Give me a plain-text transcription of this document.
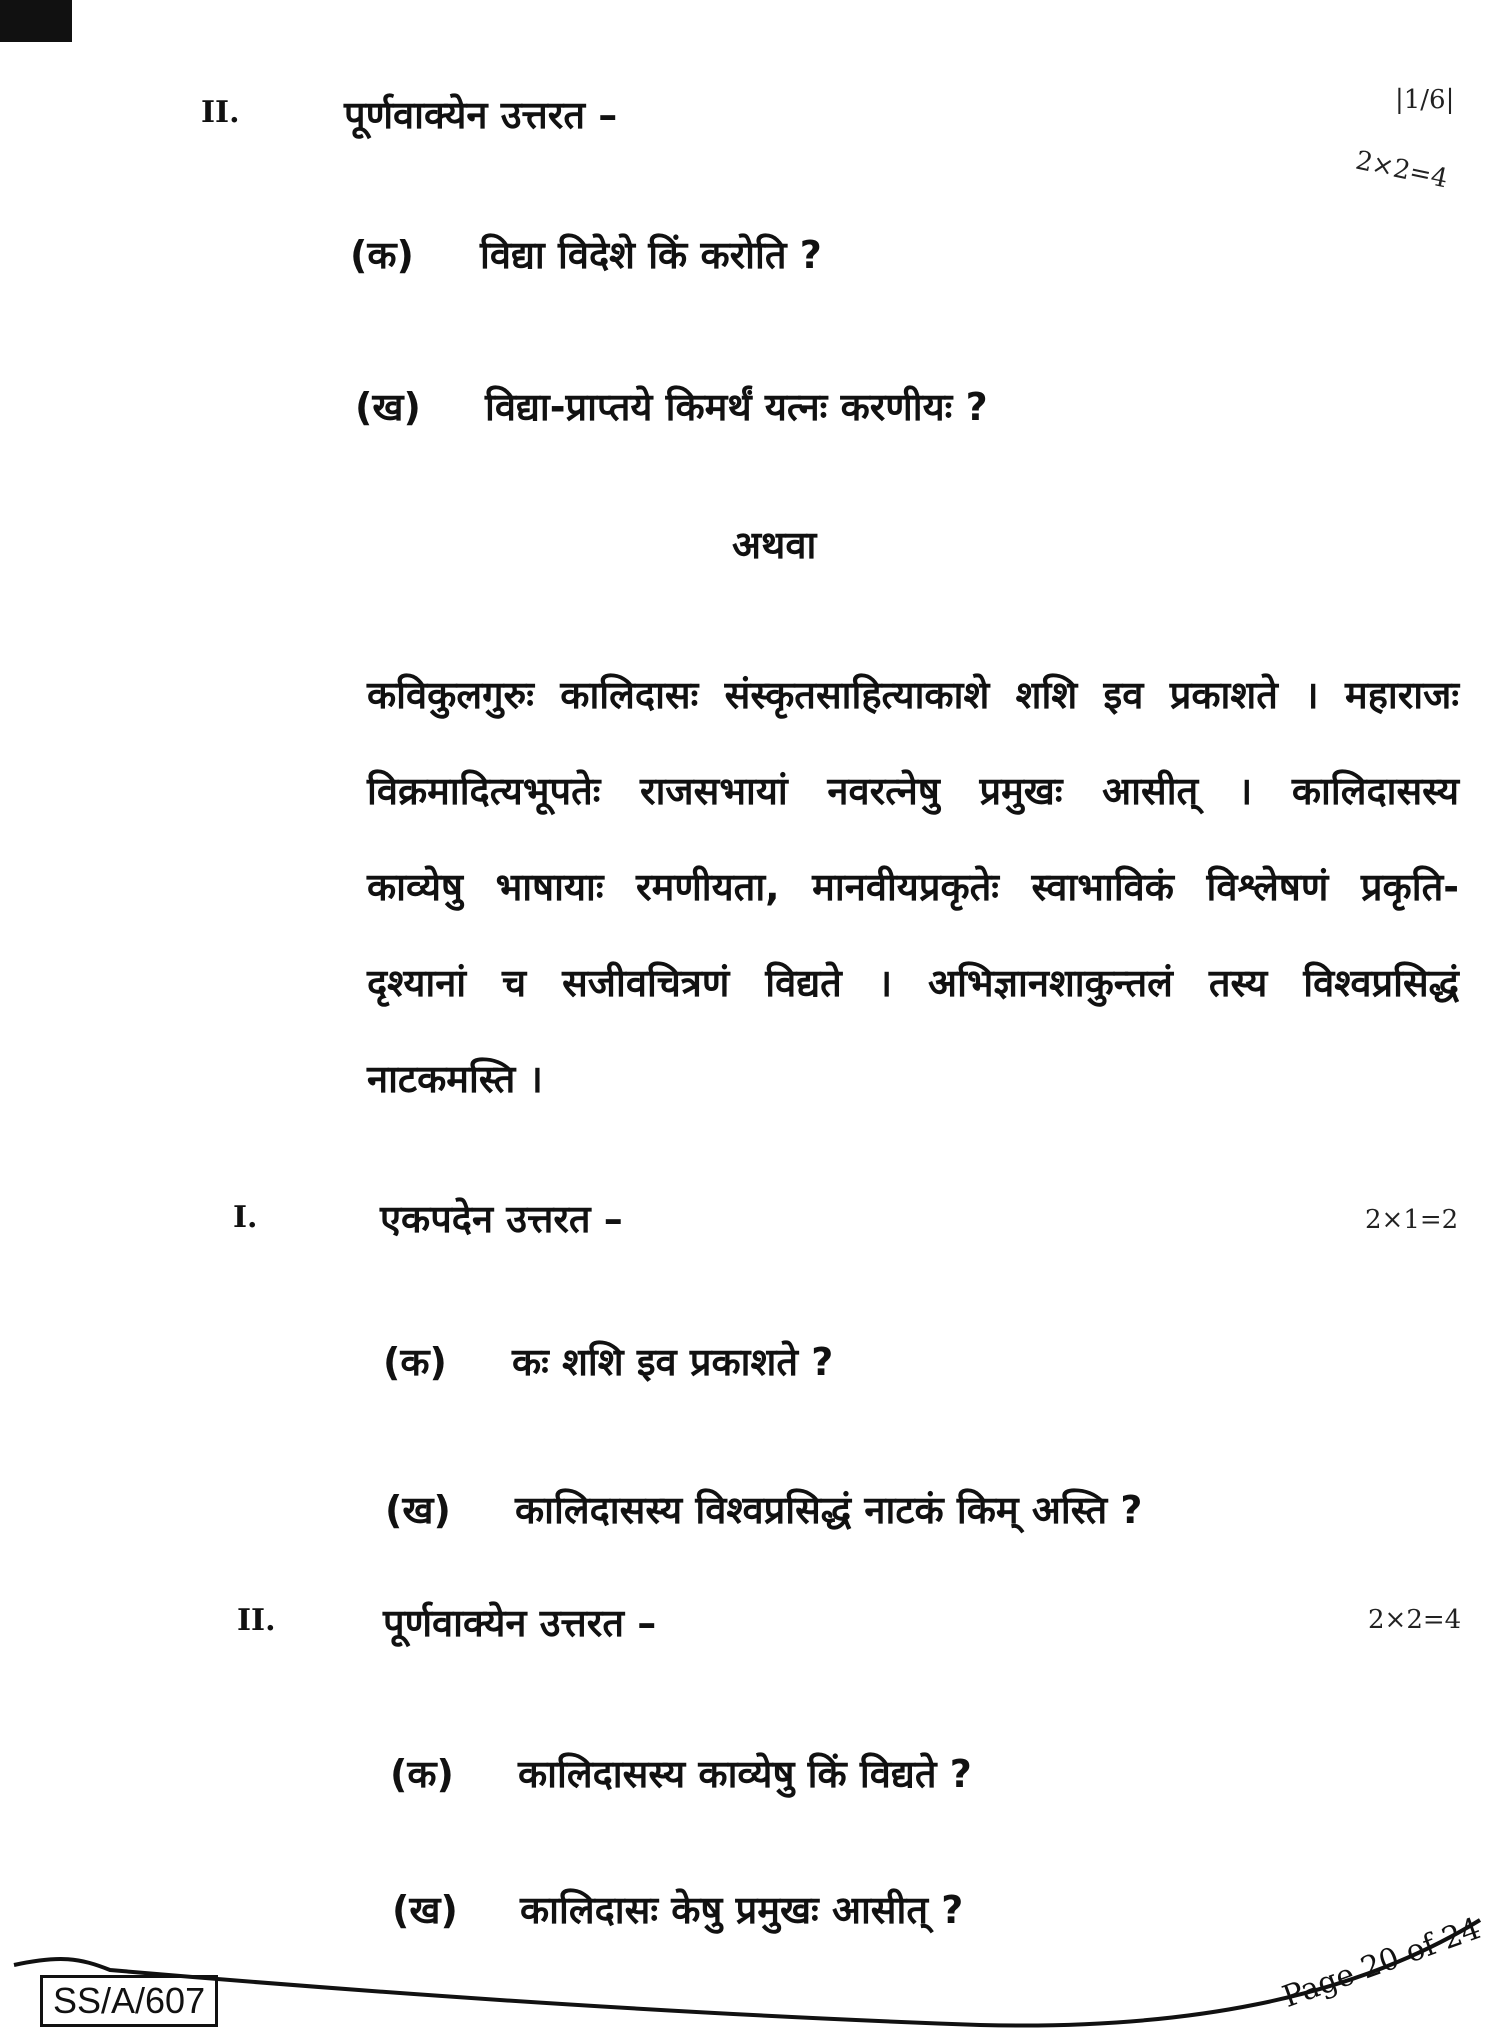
II.	पूर्णवाक्येन उत्तरत –	|1/6|
2×2=4
(क) विद्या विदेशे किं करोति ?
(ख) विद्या-प्राप्तये किमर्थं यत्नः करणीयः ?
अथवा
कविकुलगुरुः कालिदासः संस्कृतसाहित्याकाशे शशि इव प्रकाशते । महाराजः
विक्रमादित्यभूपतेः राजसभायां नवरत्नेषु प्रमुखः आसीत् । कालिदासस्य
काव्येषु भाषायाः रमणीयता, मानवीयप्रकृतेः स्वाभाविकं विश्लेषणं प्रकृति-
दृश्यानां च सजीवचित्रणं विद्यते । अभिज्ञानशाकुन्तलं तस्य विश्वप्रसिद्धं
नाटकमस्ति ।
I.	एकपदेन उत्तरत –	2×1=2
(क) कः शशि इव प्रकाशते ?
(ख) कालिदासस्य विश्वप्रसिद्धं नाटकं किम् अस्ति ?
II.	पूर्णवाक्येन उत्तरत –	2×2=4
(क) कालिदासस्य काव्येषु किं विद्यते ?
(ख) कालिदासः केषु प्रमुखः आसीत् ?
SS/A/607	Page 20 of 24
